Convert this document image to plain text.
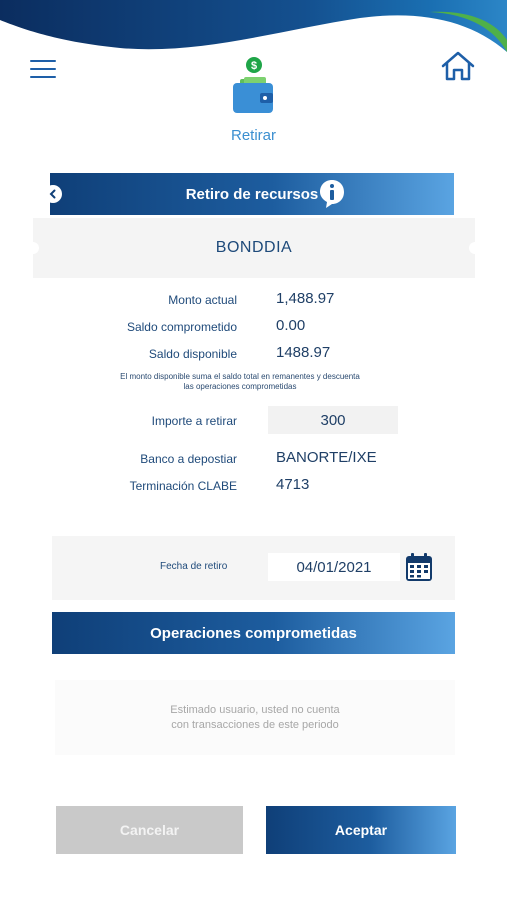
$
Retirar
Retiro de recursos
BONDDIA
Monto actual	1,488.97
Saldo comprometido	0.00
Saldo disponible	1488.97
El monto disponible suma el saldo total en remanentes y descuenta
las operaciones comprometidas
Importe a retirar	300
Banco a depostiar	BANORTE/IXE
Terminación CLABE	4713
Fecha de retiro	04/01/2021
Operaciones comprometidas
Estimado usuario, usted no cuenta
con transacciones de este periodo
Cancelar	Aceptar
